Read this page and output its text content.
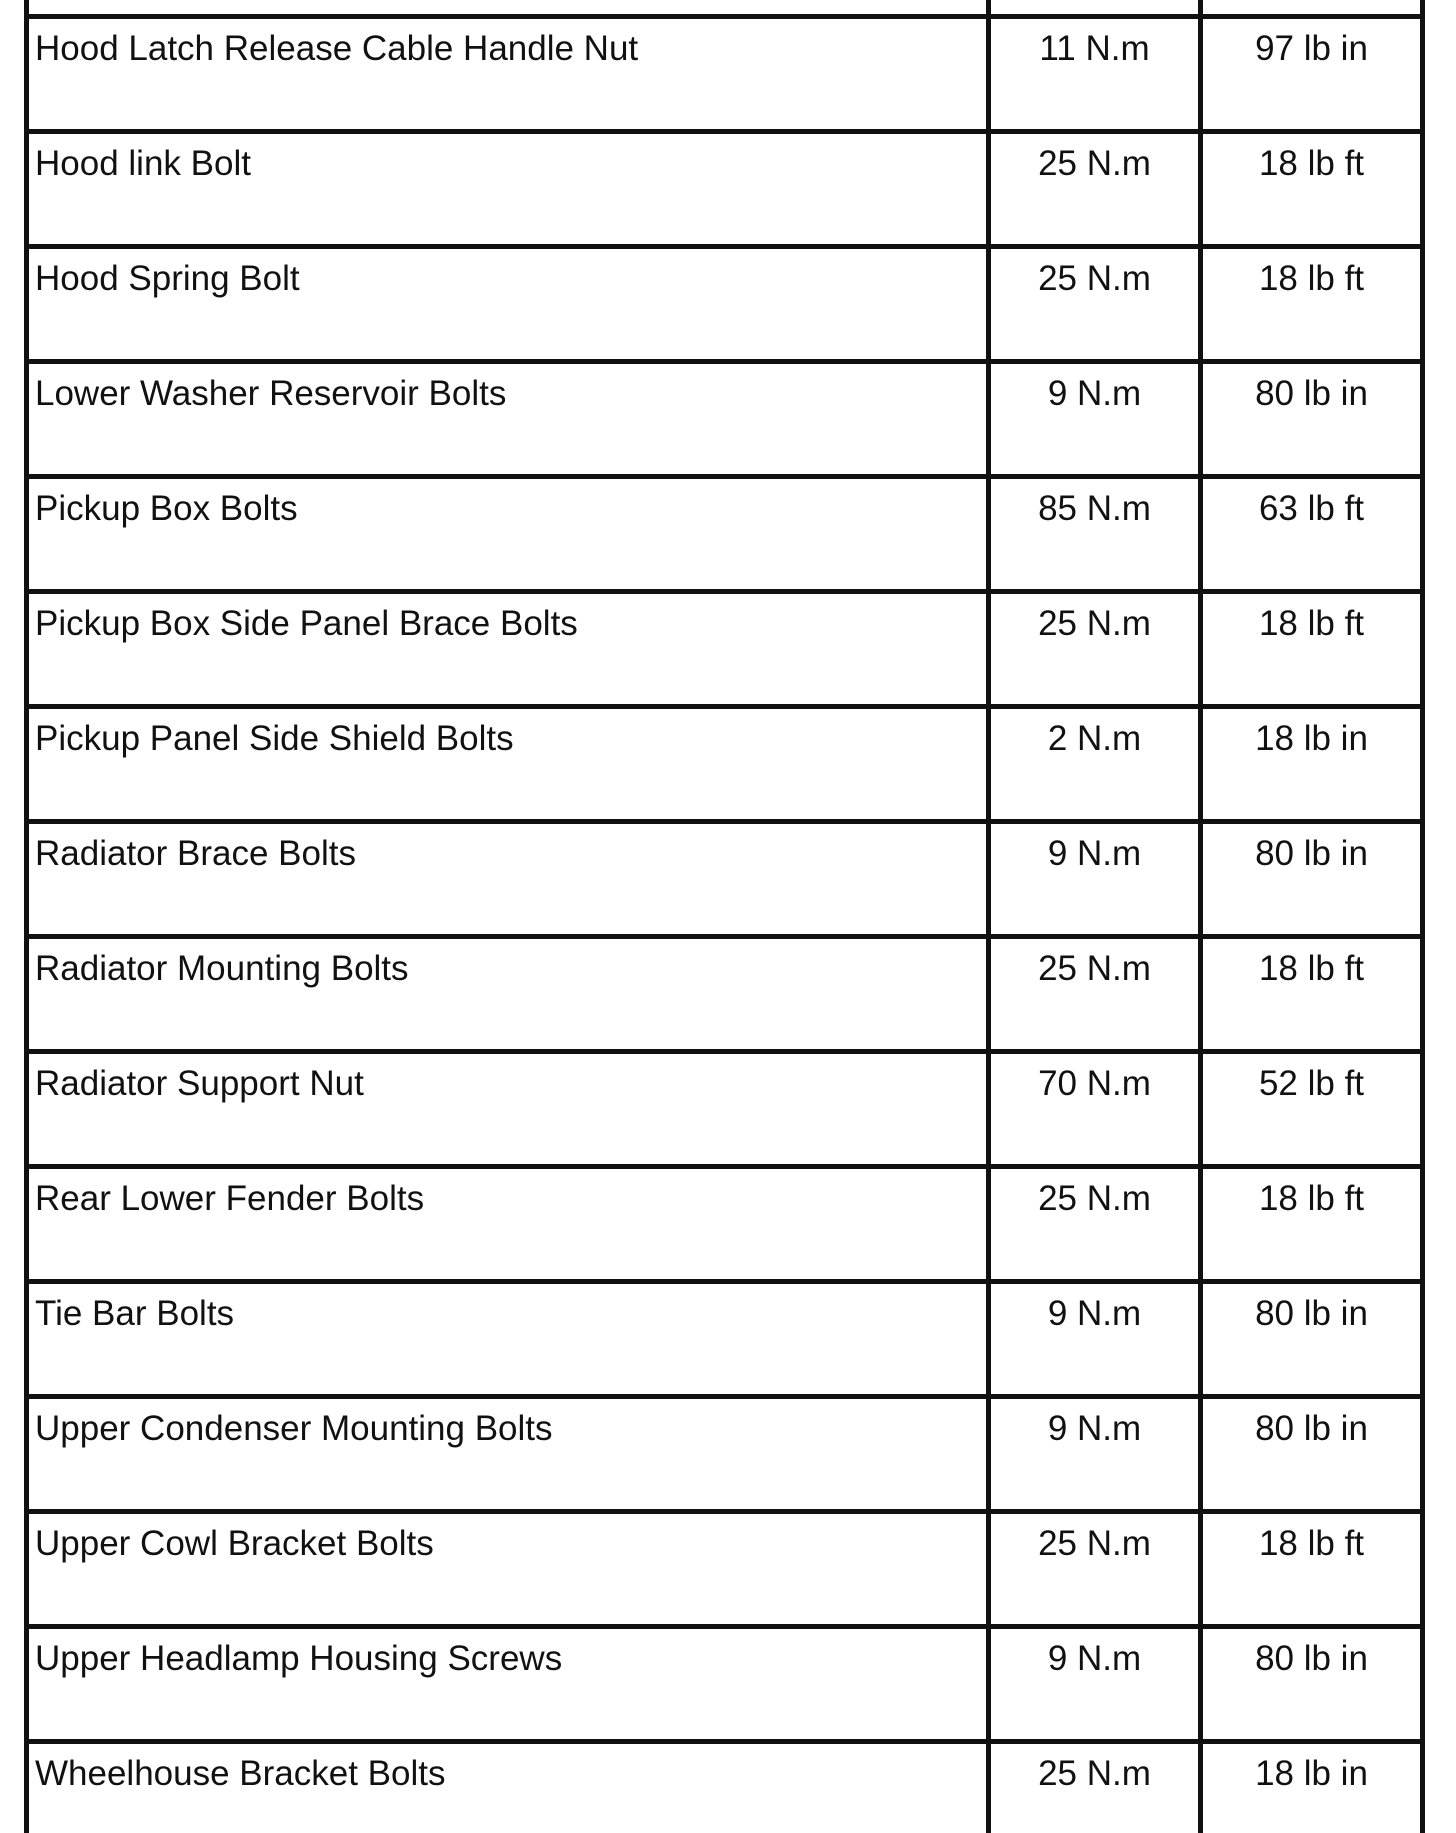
Hood Latch Release Cable Handle Nut	11 N.m	97 lb in

Hood link Bolt	25 N.m	18 lb ft

Hood Spring Bolt	25 N.m	18 lb ft

Lower Washer Reservoir Bolts	9 N.m	80 lb in

Pickup Box Bolts	85 N.m	63 lb ft

Pickup Box Side Panel Brace Bolts	25 N.m	18 lb ft

Pickup Panel Side Shield Bolts	2 N.m	18 lb in

Radiator Brace Bolts	9 N.m	80 lb in

Radiator Mounting Bolts	25 N.m	18 lb ft

Radiator Support Nut	70 N.m	52 lb ft

Rear Lower Fender Bolts	25 N.m	18 lb ft

Tie Bar Bolts	9 N.m	80 lb in

Upper Condenser Mounting Bolts	9 N.m	80 lb in

Upper Cowl Bracket Bolts	25 N.m	18 lb ft

Upper Headlamp Housing Screws	9 N.m	80 lb in

Wheelhouse Bracket Bolts	25 N.m	18 lb in
